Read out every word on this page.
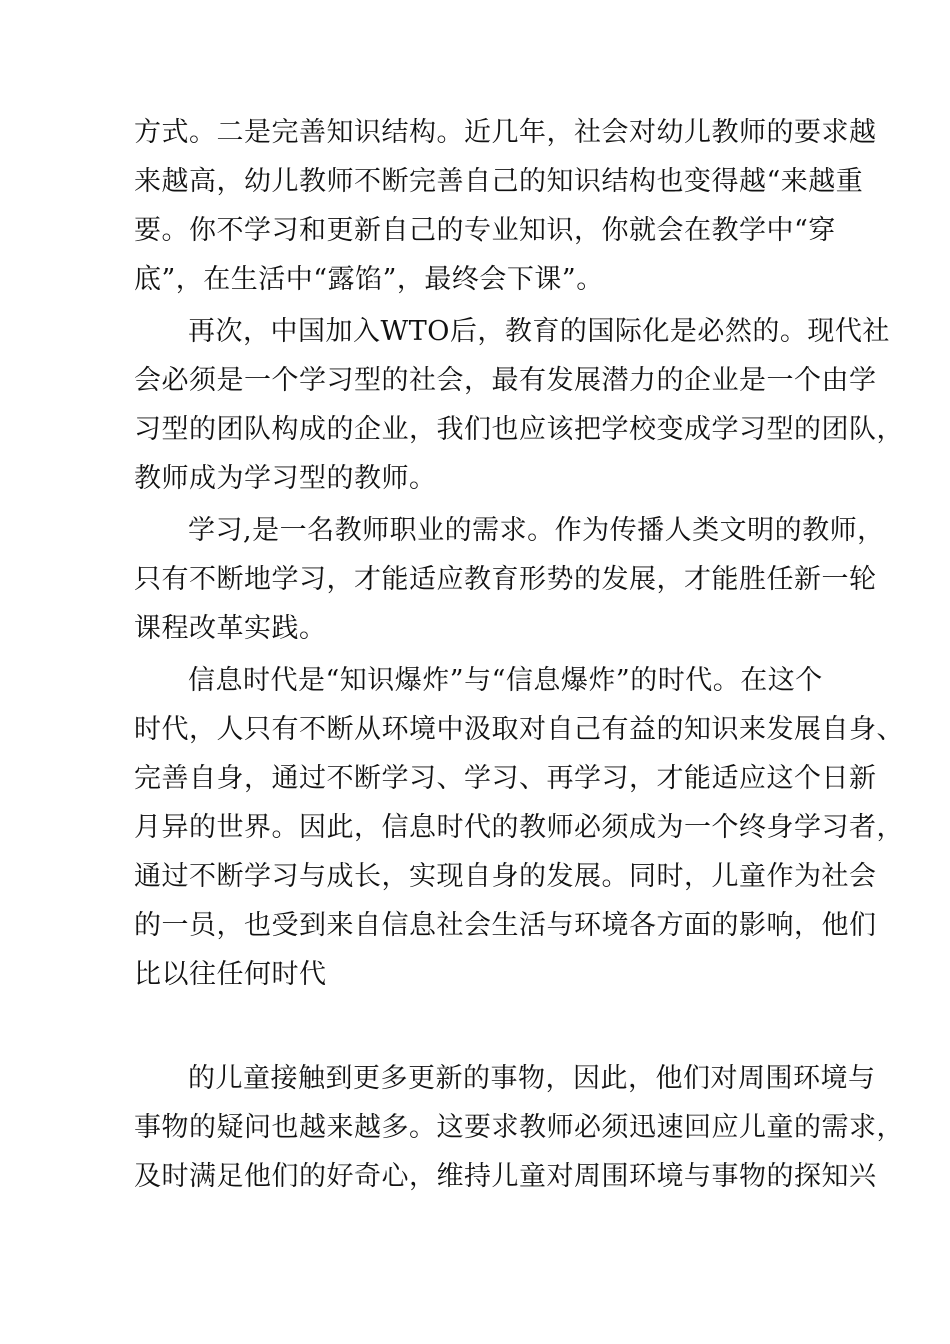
方式。二是完善知识结构。近几年，社会对幼儿教师的要求越
来越高，幼儿教师不断完善自己的知识结构也变得越“来越重
要。你不学习和更新自己的专业知识，你就会在教学中“穿
底”，在生活中“露馅”，最终会下课”。
再次，中国加入WTO后，教育的国际化是必然的。现代社
会必须是一个学习型的社会，最有发展潜力的企业是一个由学
习型的团队构成的企业，我们也应该把学校变成学习型的团队，
教师成为学习型的教师。
学习,是一名教师职业的需求。作为传播人类文明的教师，
只有不断地学习，才能适应教育形势的发展，才能胜任新一轮
课程改革实践。
信息时代是“知识爆炸”与“信息爆炸”的时代。在这个
时代，人只有不断从环境中汲取对自己有益的知识来发展自身、
完善自身，通过不断学习、学习、再学习，才能适应这个日新
月异的世界。因此，信息时代的教师必须成为一个终身学习者，
通过不断学习与成长，实现自身的发展。同时，儿童作为社会
的一员，也受到来自信息社会生活与环境各方面的影响，他们
比以往任何时代
的儿童接触到更多更新的事物，因此，他们对周围环境与
事物的疑问也越来越多。这要求教师必须迅速回应儿童的需求，
及时满足他们的好奇心，维持儿童对周围环境与事物的探知兴
